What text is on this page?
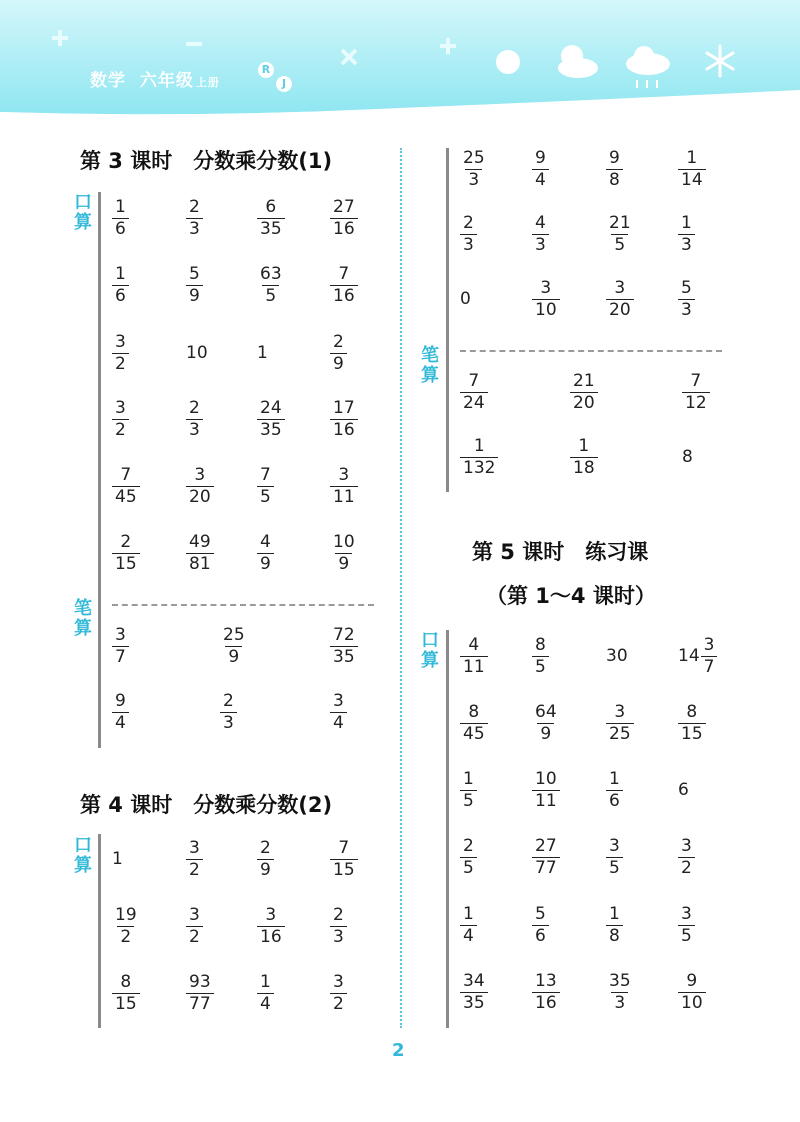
数学 六年级 上册
R
J
第 3 课时　分数乘分数(1)
口
算
笔
算
第 4 课时　分数乘分数(2)
口
算
笔
算
第 5 课时　练习课
（第 1～4 课时）
口
算
$\frac{1}{6}$	$\frac{2}{3}$	$\frac{6}{35}$	$\frac{27}{16}$
$\frac{1}{6}$	$\frac{5}{9}$	$\frac{63}{5}$	$\frac{7}{16}$
$\frac{3}{2}$	10	1	$\frac{2}{9}$
$\frac{3}{2}$	$\frac{2}{3}$	$\frac{24}{35}$	$\frac{17}{16}$
$\frac{7}{45}$	$\frac{3}{20}$	$\frac{7}{5}$	$\frac{3}{11}$
$\frac{2}{15}$	$\frac{49}{81}$	$\frac{4}{9}$	$\frac{10}{9}$
$\frac{3}{7}$	$\frac{25}{9}$	$\frac{72}{35}$
$\frac{9}{4}$	$\frac{2}{3}$	$\frac{3}{4}$
1	$\frac{3}{2}$	$\frac{2}{9}$	$\frac{7}{15}$
$\frac{19}{2}$	$\frac{3}{2}$	$\frac{3}{16}$	$\frac{2}{3}$
$\frac{8}{15}$	$\frac{93}{77}$	$\frac{1}{4}$	$\frac{3}{2}$
$\frac{25}{3}$	$\frac{9}{4}$	$\frac{9}{8}$	$\frac{1}{14}$
$\frac{2}{3}$	$\frac{4}{3}$	$\frac{21}{5}$	$\frac{1}{3}$
0	$\frac{3}{10}$	$\frac{3}{20}$	$\frac{5}{3}$
$\frac{7}{24}$	$\frac{21}{20}$	$\frac{7}{12}$
$\frac{1}{132}$	$\frac{1}{18}$	8
$\frac{4}{11}$	$\frac{8}{5}$	30	$14 \frac{3}{7}$
$\frac{8}{45}$	$\frac{64}{9}$	$\frac{3}{25}$	$\frac{8}{15}$
$\frac{1}{5}$	$\frac{10}{11}$	$\frac{1}{6}$	6
$\frac{2}{5}$	$\frac{27}{77}$	$\frac{3}{5}$	$\frac{3}{2}$
$\frac{1}{4}$	$\frac{5}{6}$	$\frac{1}{8}$	$\frac{3}{5}$
$\frac{34}{35}$	$\frac{13}{16}$	$\frac{35}{3}$	$\frac{9}{10}$
2
